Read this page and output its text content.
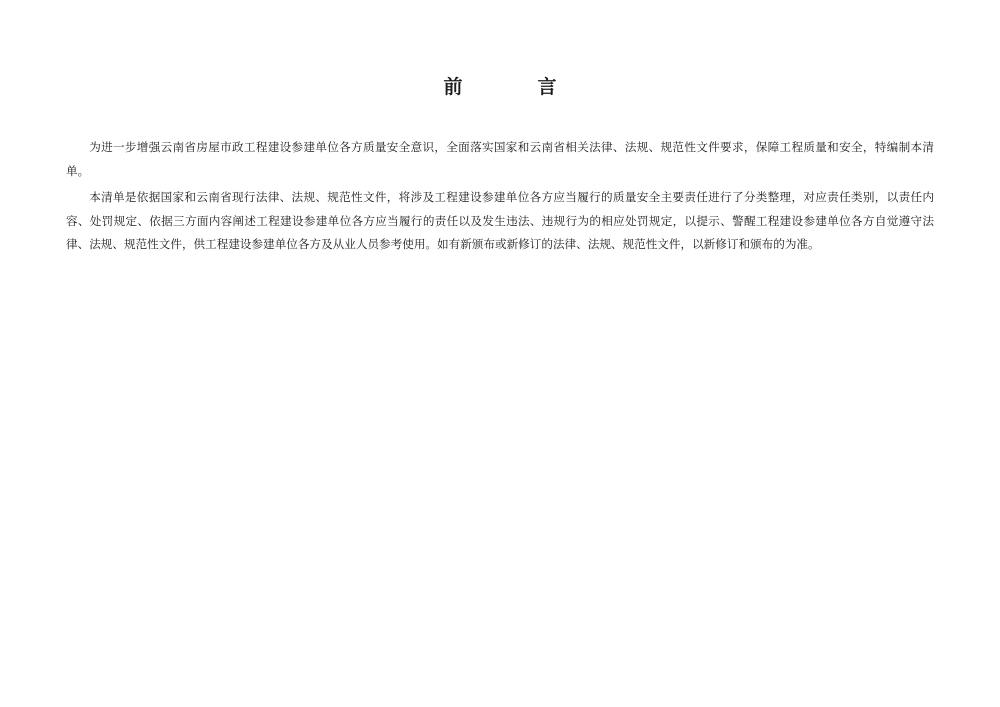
前　言

为进一步增强云南省房屋市政工程建设参建单位各方质量安全意识，全面落实国家和云南省相关法律、法规、规范性文件要求，保障工程质量和安全，特编制本清单。

本清单是依据国家和云南省现行法律、法规、规范性文件，将涉及工程建设参建单位各方应当履行的质量安全主要责任进行了分类整理，对应责任类别，以责任内容、处罚规定、依据三方面内容阐述工程建设参建单位各方应当履行的责任以及发生违法、违规行为的相应处罚规定，以提示、警醒工程建设参建单位各方自觉遵守法律、法规、规范性文件，供工程建设参建单位各方及从业人员参考使用。如有新颁布或新修订的法律、法规、规范性文件，以新修订和颁布的为准。
